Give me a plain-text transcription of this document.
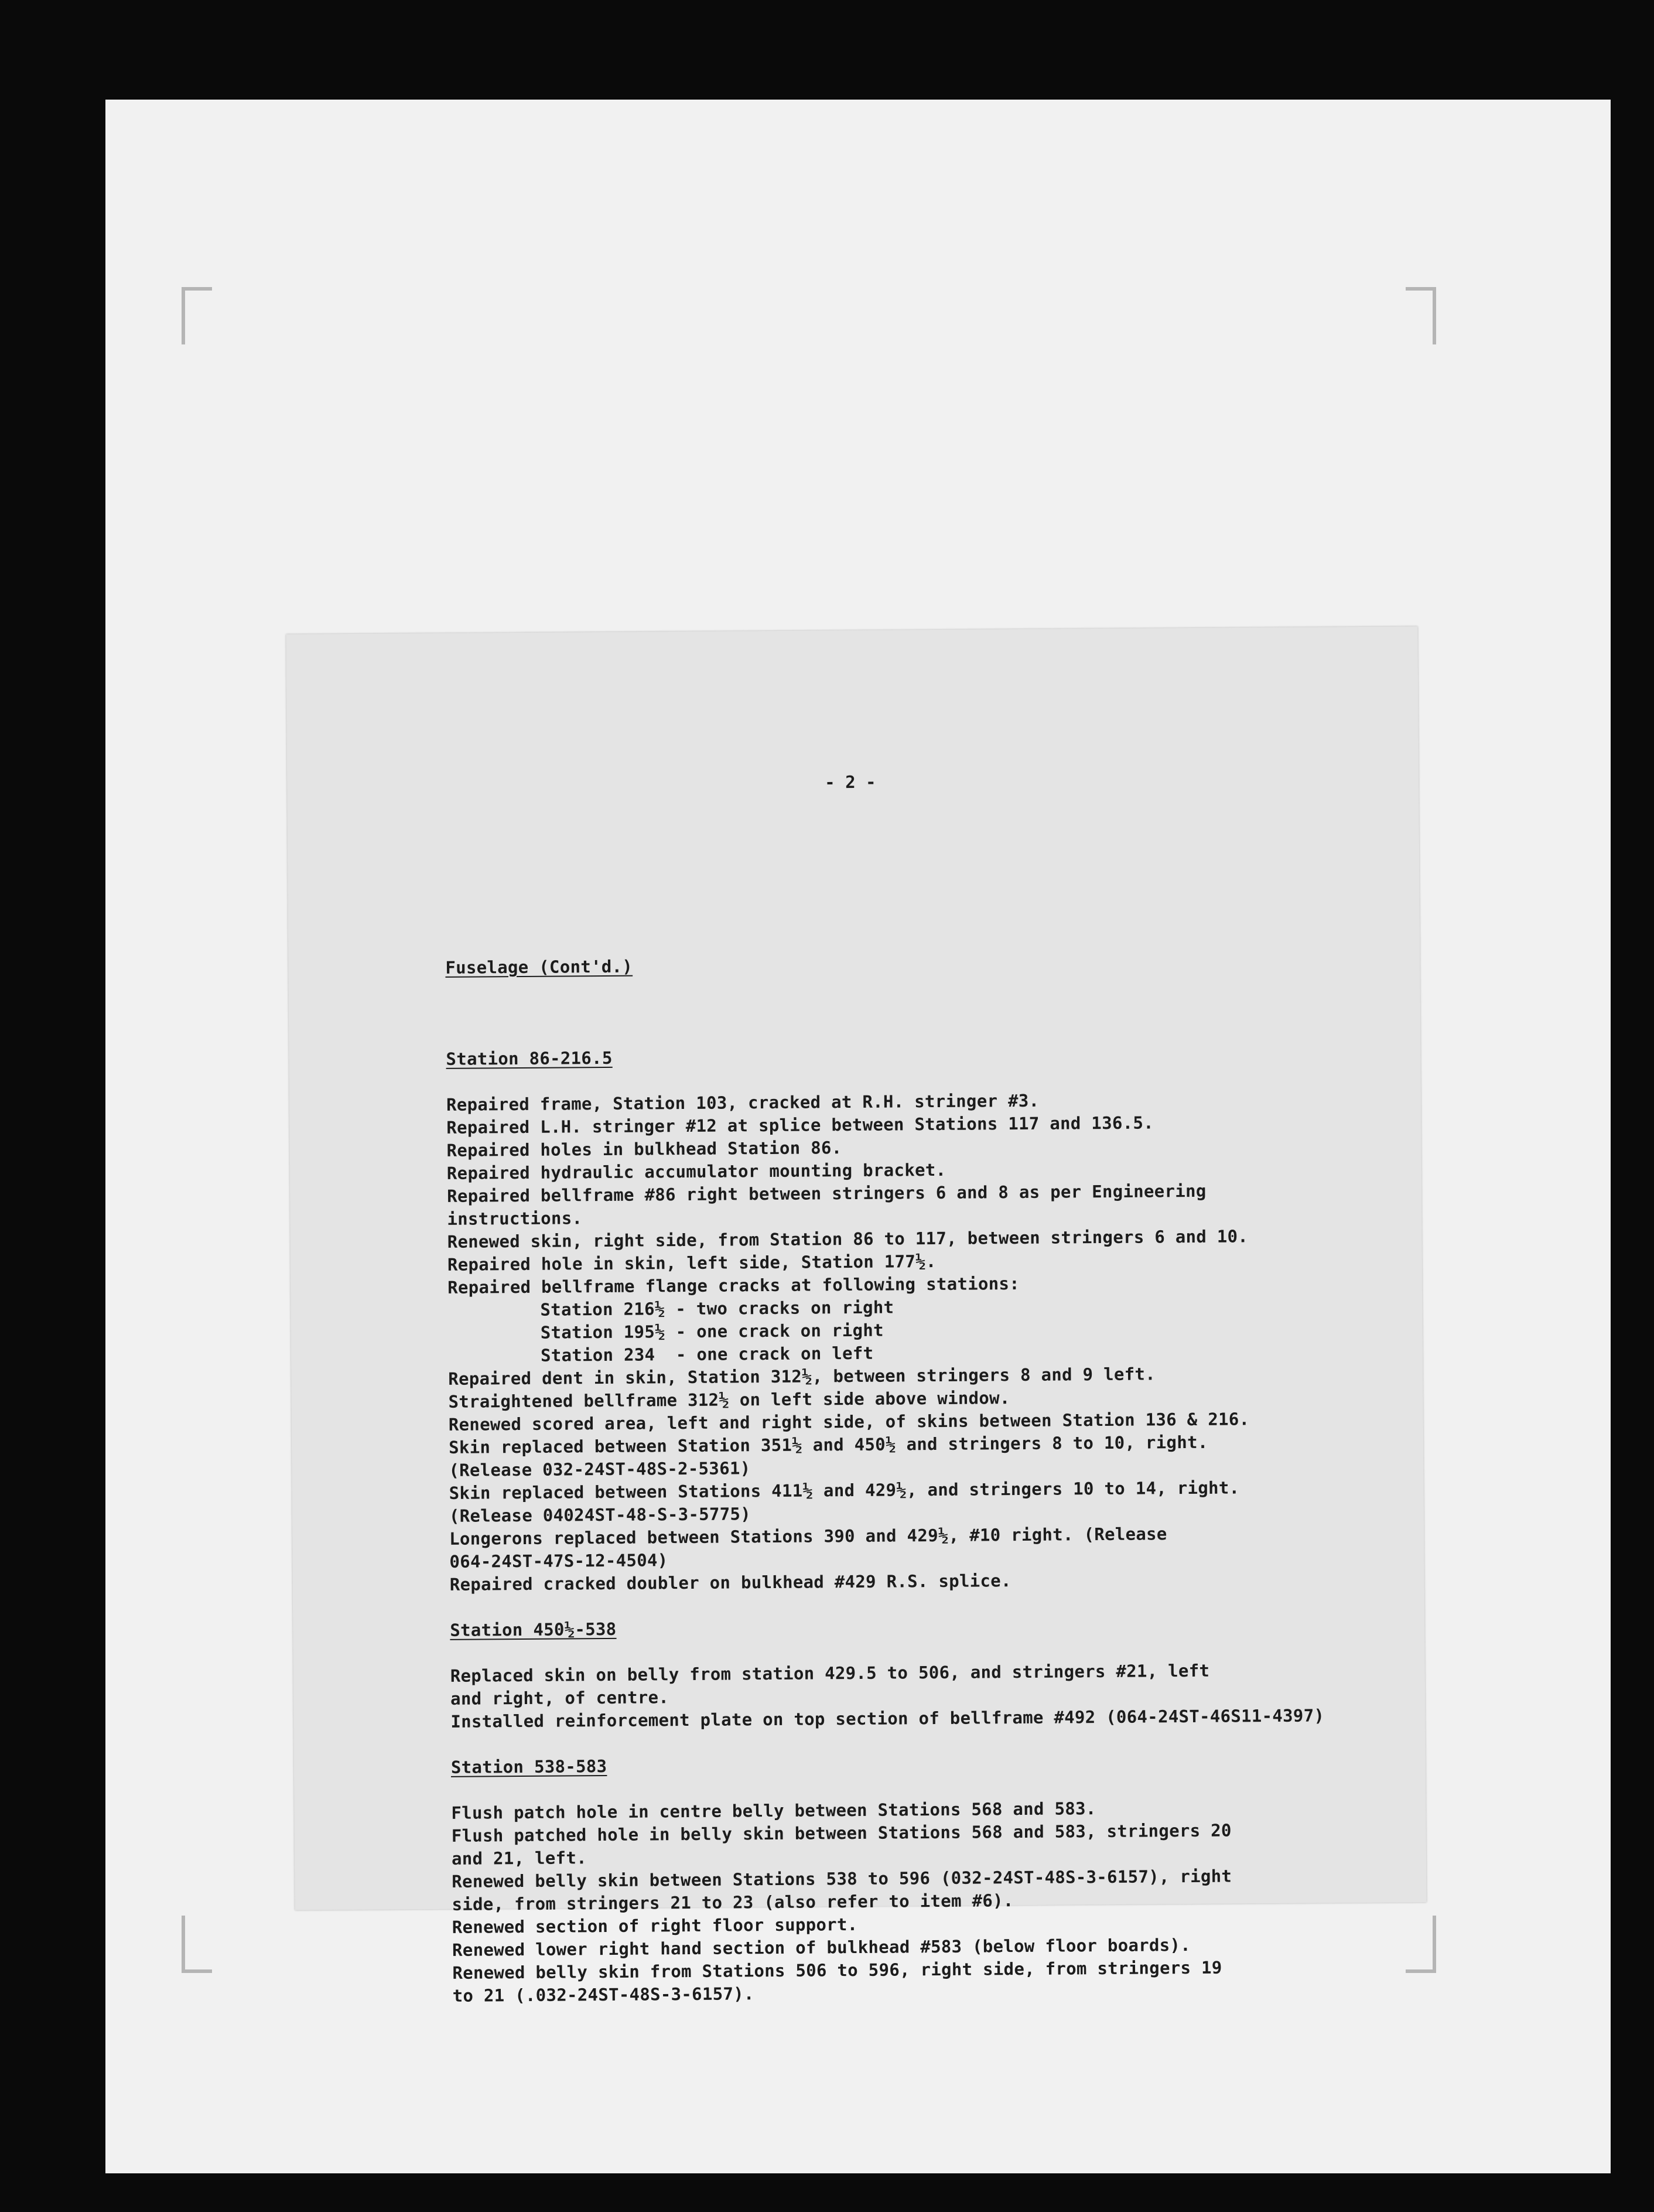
- 2 -

Fuselage (Cont'd.)

Station 86-216.5
Repaired frame, Station 103, cracked at R.H. stringer #3.
Repaired L.H. stringer #12 at splice between Stations 117 and 136.5.
Repaired holes in bulkhead Station 86.
Repaired hydraulic accumulator mounting bracket.
Repaired bellframe #86 right between stringers 6 and 8 as per Engineering
instructions.
Renewed skin, right side, from Station 86 to 117, between stringers 6 and 10.
Repaired hole in skin, left side, Station 177½.
Repaired bellframe flange cracks at following stations:
Station 216½ - two cracks on right
Station 195½ - one crack on right
Station 234  - one crack on left
Repaired dent in skin, Station 312½, between stringers 8 and 9 left.
Straightened bellframe 312½ on left side above window.
Renewed scored area, left and right side, of skins between Station 136 & 216.
Skin replaced between Station 351½ and 450½ and stringers 8 to 10, right.
(Release 032-24ST-48S-2-5361)
Skin replaced between Stations 411½ and 429½, and stringers 10 to 14, right.
(Release 04024ST-48-S-3-5775)
Longerons replaced between Stations 390 and 429½, #10 right. (Release
064-24ST-47S-12-4504)
Repaired cracked doubler on bulkhead #429 R.S. splice.
Station 450½-538
Replaced skin on belly from station 429.5 to 506, and stringers #21, left
and right, of centre.
Installed reinforcement plate on top section of bellframe #492 (064-24ST-46S11-4397)
Station 538-583
Flush patch hole in centre belly between Stations 568 and 583.
Flush patched hole in belly skin between Stations 568 and 583, stringers 20
and 21, left.
Renewed belly skin between Stations 538 to 596 (032-24ST-48S-3-6157), right
side, from stringers 21 to 23 (also refer to item #6).
Renewed section of right floor support.
Renewed lower right hand section of bulkhead #583 (below floor boards).
Renewed belly skin from Stations 506 to 596, right side, from stringers 19
to 21 (.032-24ST-48S-3-6157).
